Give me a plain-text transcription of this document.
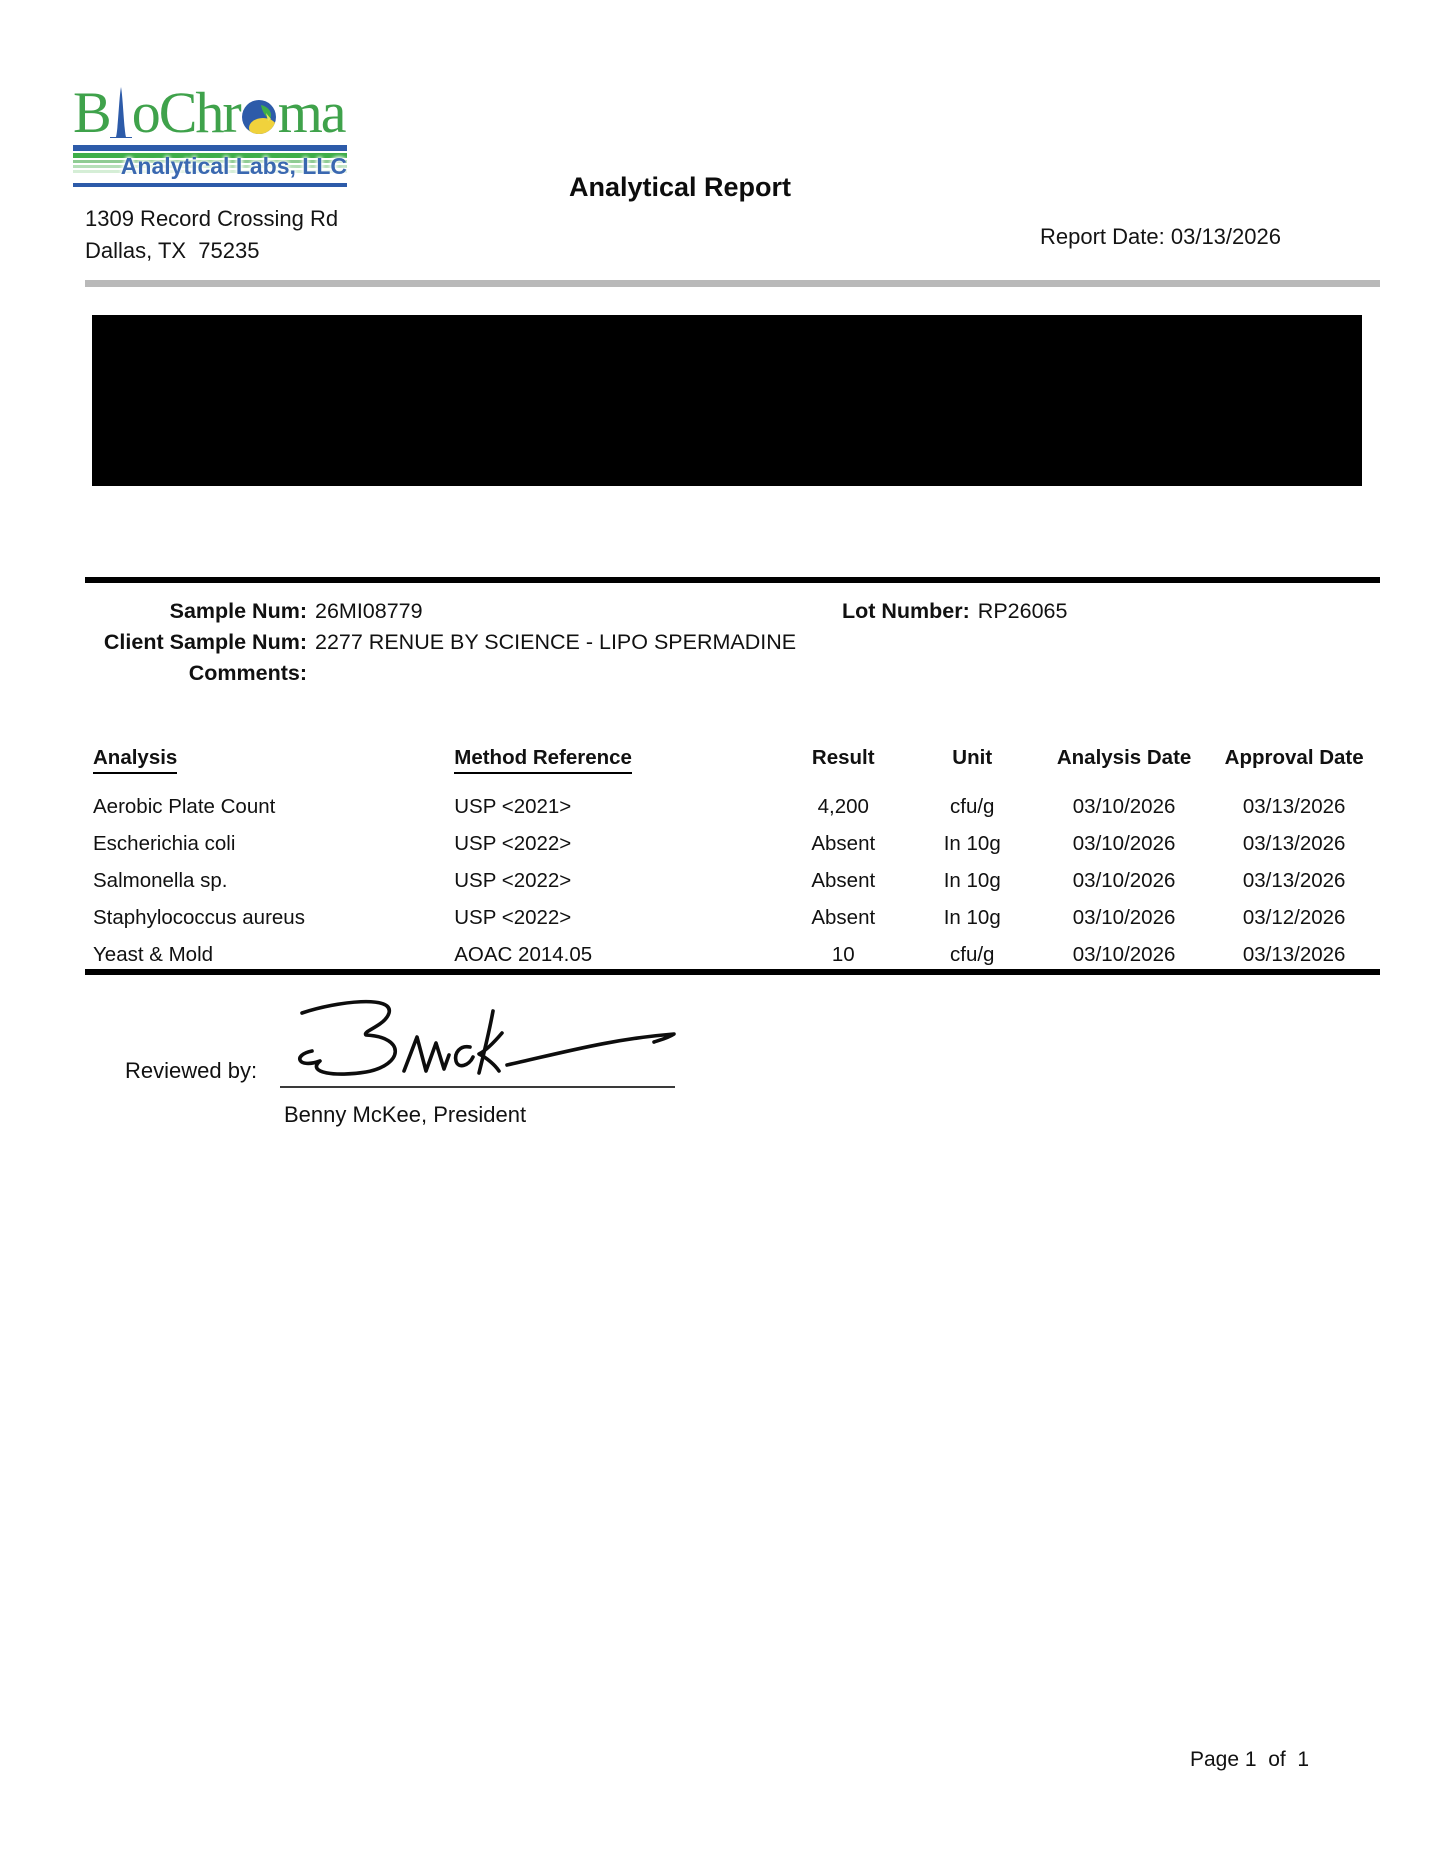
B oChr ma
Analytical Labs, LLC
Analytical Report
1309 Record Crossing Rd
Dallas, TX  75235
Report Date: 03/13/2026
Sample Num: 26MI08779
Client Sample Num: 2277 RENUE BY SCIENCE - LIPO SPERMADINE
Comments:
Lot Number: RP26065
Analysis	Method Reference	Result	Unit	Analysis Date	Approval Date
Aerobic Plate Count	USP <2021>	4,200	cfu/g	03/10/2026	03/13/2026
Escherichia coli	USP <2022>	Absent	In 10g	03/10/2026	03/13/2026
Salmonella sp.	USP <2022>	Absent	In 10g	03/10/2026	03/13/2026
Staphylococcus aureus	USP <2022>	Absent	In 10g	03/10/2026	03/12/2026
Yeast & Mold	AOAC 2014.05	10	cfu/g	03/10/2026	03/13/2026
Reviewed by:
Benny McKee, President
Page 1  of  1
